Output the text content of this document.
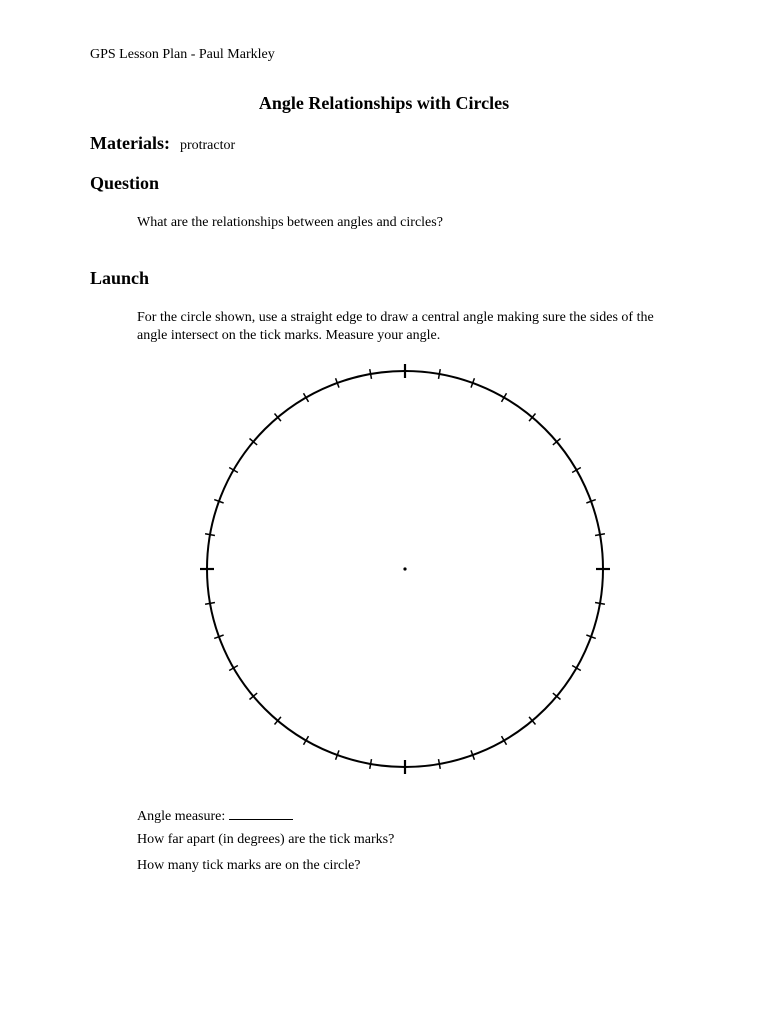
GPS Lesson Plan - Paul Markley
Angle Relationships with Circles

Materials: protractor

Question

What are the relationships between angles and circles?

Launch

For the circle shown, use a straight edge to draw a central angle making sure the sides of the angle intersect on the tick marks. Measure your angle.

Angle measure:

How far apart (in degrees) are the tick marks?

How many tick marks are on the circle?
